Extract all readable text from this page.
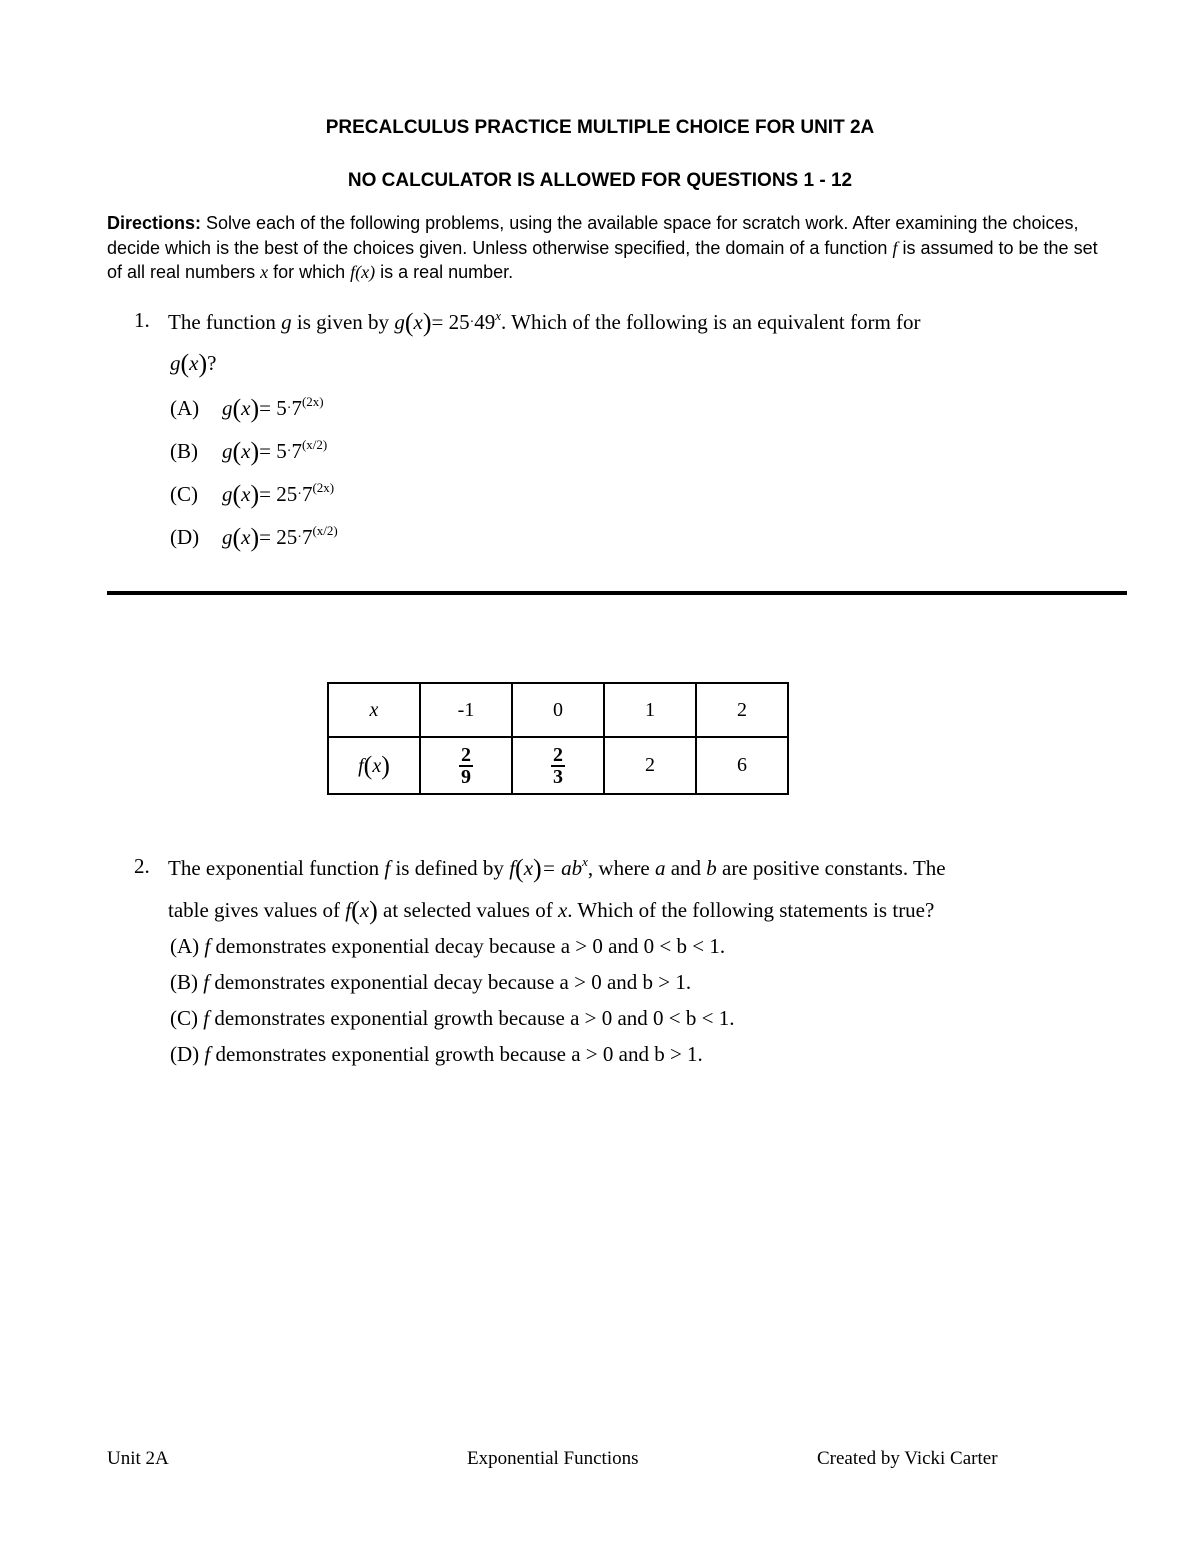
PRECALCULUS PRACTICE MULTIPLE CHOICE FOR UNIT 2A
NO CALCULATOR IS ALLOWED FOR QUESTIONS 1 - 12
Directions: Solve each of the following problems, using the available space for scratch work. After examining the choices, decide which is the best of the choices given. Unless otherwise specified, the domain of a function f is assumed to be the set of all real numbers x for which f(x) is a real number.
1. The function g is given by $g(x)= 25\cdot 49^x$. Which of the following is an equivalent form for
g(x)?
(A) $g(x)= 5\cdot 7^{(2x)}$
(B) $g(x)= 5\cdot 7^{(x/2)}$
(C) $g(x)= 25\cdot 7^{(2x)}$
(D) $g(x)= 25\cdot 7^{(x/2)}$
x	-1	0	1	2
f(x)	$\frac{2}{9}$	$\frac{2}{3}$	2	6
2. The exponential function f is defined by $f(x)= ab^x$, where a and b are positive constants. The
table gives values of f(x) at selected values of x. Which of the following statements is true?
(A) f demonstrates exponential decay because a > 0 and 0 < b < 1.
(B) f demonstrates exponential decay because a > 0 and b > 1.
(C) f demonstrates exponential growth because a > 0 and 0 < b < 1.
(D) f demonstrates exponential growth because a > 0 and b > 1.
Unit 2A	Exponential Functions	Created by Vicki Carter
